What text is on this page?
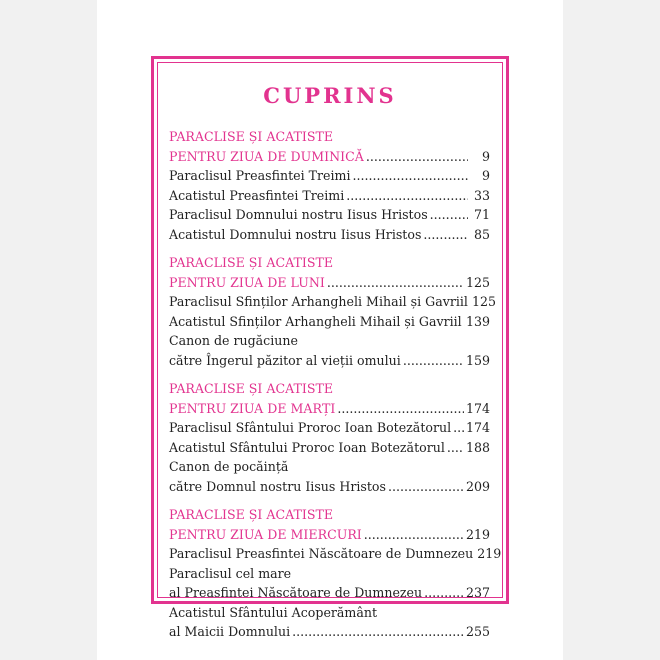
CUPRINS
PARACLISE ȘI ACATISTE
PENTRU ZIUA DE DUMINICĂ .....	9
Paraclisul Preasfintei Treimi .....	9
Acatistul Preasfintei Treimi .....	33
Paraclisul Domnului nostru Iisus Hristos .....	71
Acatistul Domnului nostru Iisus Hristos .....	85
PARACLISE ȘI ACATISTE
PENTRU ZIUA DE LUNI .....	125
Paraclisul Sfinților Arhangheli Mihail și Gavriil 125
Acatistul Sfinților Arhangheli Mihail și Gavriil ..... 139
Canon de rugăciune
către Îngerul păzitor al vieții omului .....	159
PARACLISE ȘI ACATISTE
PENTRU ZIUA DE MARȚI .....	174
Paraclisul Sfântului Proroc Ioan Botezătorul ..... 174
Acatistul Sfântului Proroc Ioan Botezătorul ..... 188
Canon de pocăință
către Domnul nostru Iisus Hristos .....	209
PARACLISE ȘI ACATISTE
PENTRU ZIUA DE MIERCURI .....	219
Paraclisul Preasfintei Născătoare de Dumnezeu 219
Paraclisul cel mare
al Preasfintei Născătoare de Dumnezeu .....	237
Acatistul Sfântului Acoperământ
al Maicii Domnului .....	255
